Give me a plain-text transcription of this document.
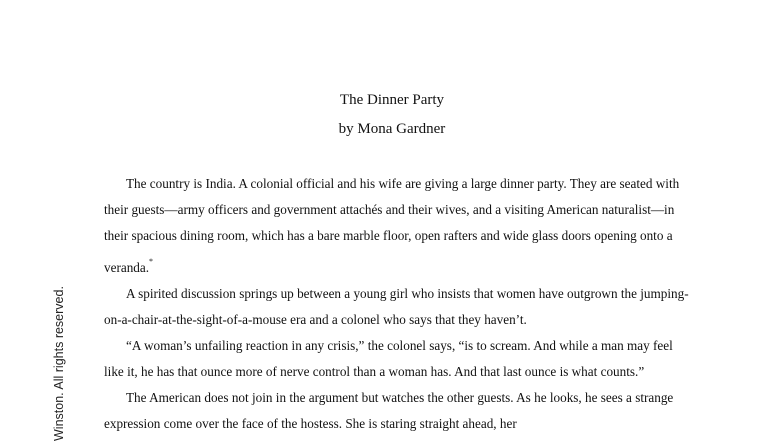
The Dinner Party
by Mona Gardner

The country is India. A colonial official and his wife are giving a large dinner party. They are seated with their guests—army officers and government attachés and their wives, and a visiting American naturalist—in their spacious dining room, which has a bare marble floor, open rafters and wide glass doors opening onto a veranda.*

A spirited discussion springs up between a young girl who insists that women have outgrown the jumping-on-a-chair-at-the-sight-of-a-mouse era and a colonel who says that they haven’t.

“A woman’s unfailing reaction in any crisis,” the colonel says, “is to scream. And while a man may feel like it, he has that ounce more of nerve control than a woman has. And that last ounce is what counts.”

The American does not join in the argument but watches the other guests. As he looks, he sees a strange expression come over the face of the hostess. She is staring straight ahead, her

Winston. All rights reserved.
